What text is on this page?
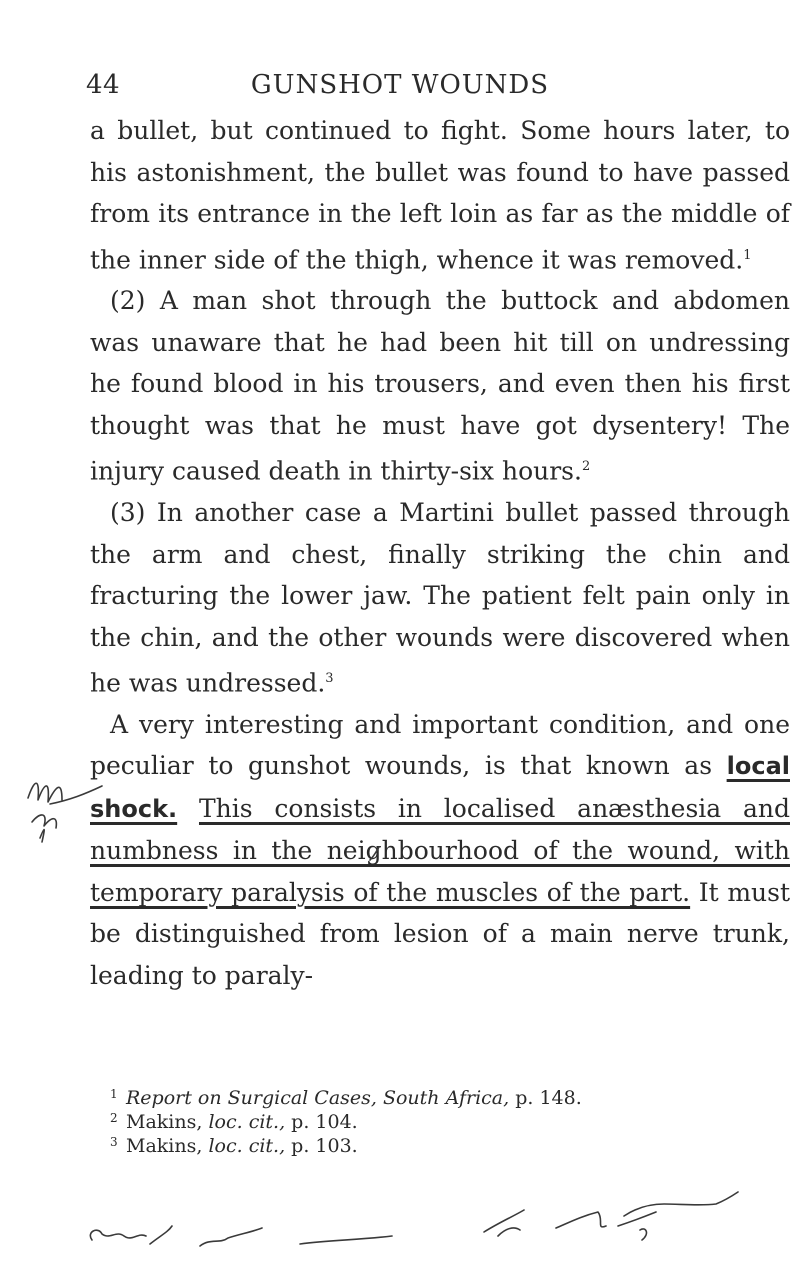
44	GUNSHOT WOUNDS

a bullet, but continued to fight. Some hours later, to his astonishment, the bullet was found to have passed from its entrance in the left loin as far as the middle of the inner side of the thigh, whence it was removed.$^1$

(2) A man shot through the buttock and abdomen was unaware that he had been hit till on undressing he found blood in his trousers, and even then his first thought was that he must have got dysentery! The injury caused death in thirty-six hours.$^2$

(3) In another case a Martini bullet passed through the arm and chest, finally striking the chin and fracturing the lower jaw. The patient felt pain only in the chin, and the other wounds were discovered when he was undressed.$^3$

A very interesting and important condition, and one peculiar to gunshot wounds, is that known as local shock. This consists in localised anæsthesia and numbness in the neighbourhood of the wound, with temporary paralysis of the muscles of the part. It must be distinguished from lesion of a main nerve trunk, leading to paraly-

1 Report on Surgical Cases, South Africa, p. 148.

2 Makins, loc. cit., p. 104.

3 Makins, loc. cit., p. 103.
